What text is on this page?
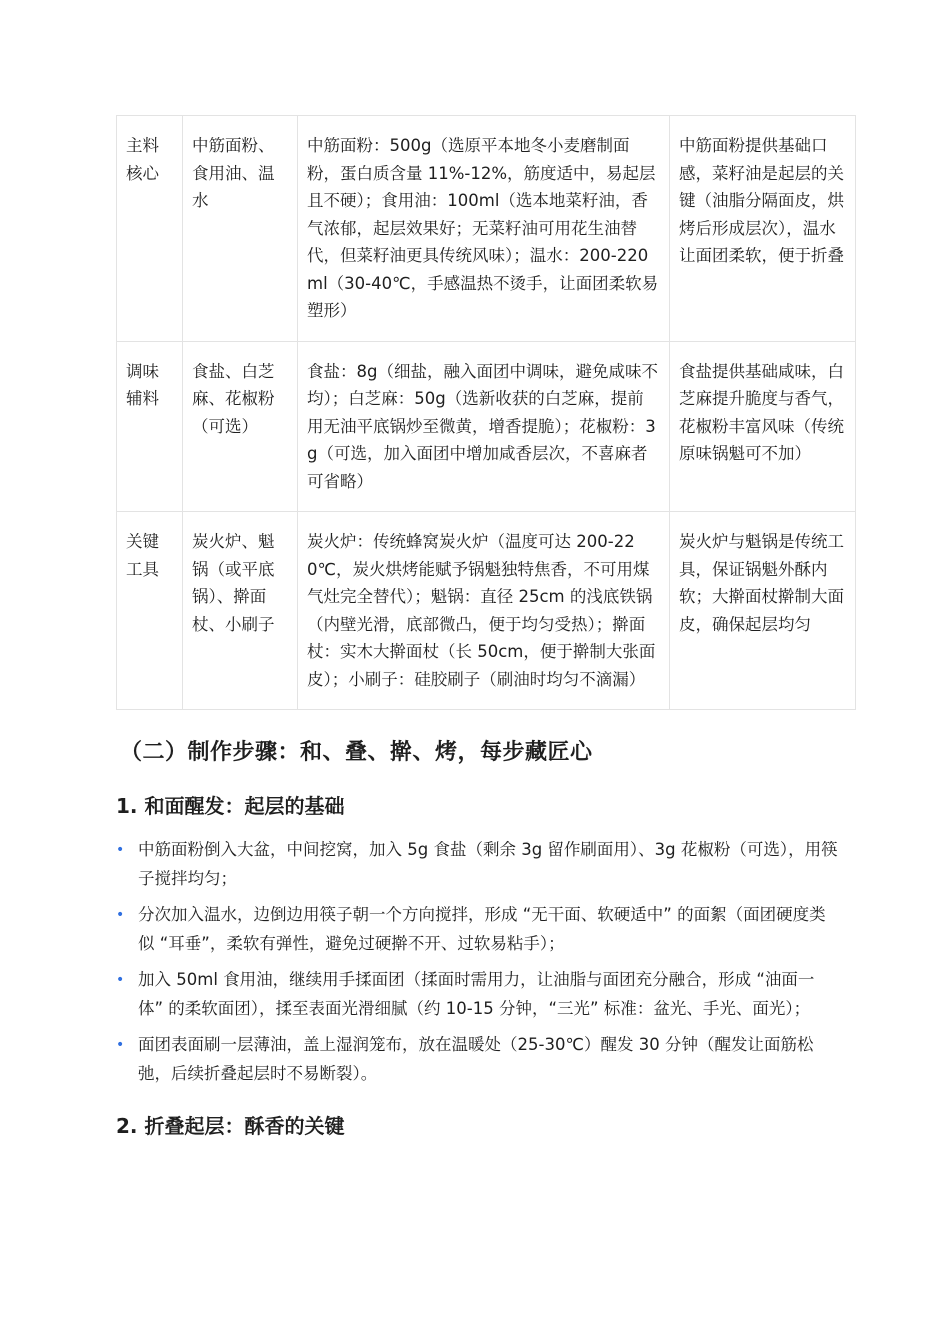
主料核心	中筋面粉、食用油、温水	中筋面粉：500g（选原平本地冬小麦磨制面粉，蛋白质含量 11%-12%，筋度适中，易起层且不硬）；食用油：100ml（选本地菜籽油，香气浓郁，起层效果好；无菜籽油可用花生油替代，但菜籽油更具传统风味）；温水：200-220ml（30-40℃，手感温热不烫手，让面团柔软易塑形）	中筋面粉提供基础口感，菜籽油是起层的关键（油脂分隔面皮，烘烤后形成层次），温水让面团柔软，便于折叠
调味辅料	食盐、白芝麻、花椒粉（可选）	食盐：8g（细盐，融入面团中调味，避免咸味不均）；白芝麻：50g（选新收获的白芝麻，提前用无油平底锅炒至微黄，增香提脆）；花椒粉：3g（可选，加入面团中增加咸香层次，不喜麻者可省略）	食盐提供基础咸味，白芝麻提升脆度与香气，花椒粉丰富风味（传统原味锅魁可不加）
关键工具	炭火炉、魁锅（或平底锅）、擀面杖、小刷子	炭火炉：传统蜂窝炭火炉（温度可达 200-220℃，炭火烘烤能赋予锅魁独特焦香，不可用煤气灶完全替代）；魁锅：直径 25cm 的浅底铁锅（内壁光滑，底部微凸，便于均匀受热）；擀面杖：实木大擀面杖（长 50cm，便于擀制大张面皮）；小刷子：硅胶刷子（刷油时均匀不滴漏）	炭火炉与魁锅是传统工具，保证锅魁外酥内软；大擀面杖擀制大面皮，确保起层均匀
（二）制作步骤：和、叠、擀、烤，每步藏匠心
1. 和面醒发：起层的基础
• 中筋面粉倒入大盆，中间挖窝，加入 5g 食盐（剩余 3g 留作刷面用）、3g 花椒粉（可选），用筷子搅拌均匀；
• 分次加入温水，边倒边用筷子朝一个方向搅拌，形成 “无干面、软硬适中” 的面絮（面团硬度类似 “耳垂”，柔软有弹性，避免过硬擀不开、过软易粘手）；
• 加入 50ml 食用油，继续用手揉面团（揉面时需用力，让油脂与面团充分融合，形成 “油面一体” 的柔软面团），揉至表面光滑细腻（约 10-15 分钟，“三光” 标准：盆光、手光、面光）；
• 面团表面刷一层薄油，盖上湿润笼布，放在温暖处（25-30℃）醒发 30 分钟（醒发让面筋松弛，后续折叠起层时不易断裂）。
2. 折叠起层：酥香的关键
